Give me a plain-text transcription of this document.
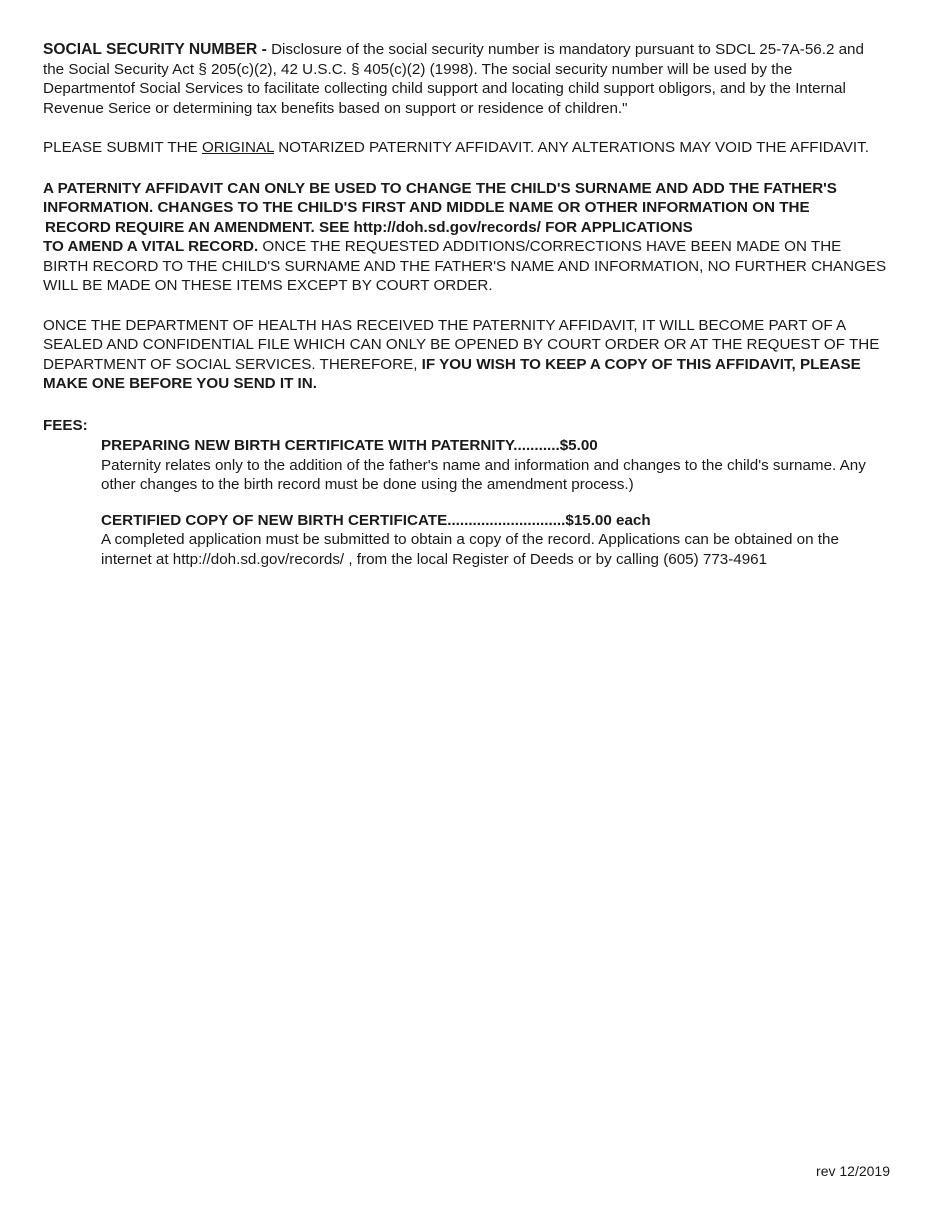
SOCIAL SECURITY NUMBER - Disclosure of the social security number is mandatory pursuant to SDCL 25-7A-56.2 and the Social Security Act § 205(c)(2), 42 U.S.C. § 405(c)(2) (1998). The social security number will be used by the Departmentof Social Services to facilitate collecting child support and locating child support obligors, and by the Internal Revenue Serice or determining tax benefits based on support or residence of children."

PLEASE SUBMIT THE ORIGINAL NOTARIZED PATERNITY AFFIDAVIT. ANY ALTERATIONS MAY VOID THE AFFIDAVIT.

A PATERNITY AFFIDAVIT CAN ONLY BE USED TO CHANGE THE CHILD'S SURNAME AND ADD THE FATHER'S INFORMATION. CHANGES TO THE CHILD'S FIRST AND MIDDLE NAME OR OTHER INFORMATION ON THE
RECORD REQUIRE AN AMENDMENT. SEE http://doh.sd.gov/records/ FOR APPLICATIONS
TO AMEND A VITAL RECORD. ONCE THE REQUESTED ADDITIONS/CORRECTIONS HAVE BEEN MADE ON THE BIRTH RECORD TO THE CHILD'S SURNAME AND THE FATHER'S NAME AND INFORMATION, NO FURTHER CHANGES WILL BE MADE ON THESE ITEMS EXCEPT BY COURT ORDER.

ONCE THE DEPARTMENT OF HEALTH HAS RECEIVED THE PATERNITY AFFIDAVIT, IT WILL BECOME PART OF A SEALED AND CONFIDENTIAL FILE WHICH CAN ONLY BE OPENED BY COURT ORDER OR AT THE REQUEST OF THE DEPARTMENT OF SOCIAL SERVICES. THEREFORE, IF YOU WISH TO KEEP A COPY OF THIS AFFIDAVIT, PLEASE MAKE ONE BEFORE YOU SEND IT IN.

FEES:

PREPARING NEW BIRTH CERTIFICATE WITH PATERNITY...........$5.00

Paternity relates only to the addition of the father's name and information and changes to the child's surname. Any other changes to the birth record must be done using the amendment process.)

CERTIFIED COPY OF NEW BIRTH CERTIFICATE............................$15.00 each

A completed application must be submitted to obtain a copy of the record. Applications can be obtained on the internet at http://doh.sd.gov/records/ , from the local Register of Deeds or by calling (605) 773-4961

rev 12/2019
